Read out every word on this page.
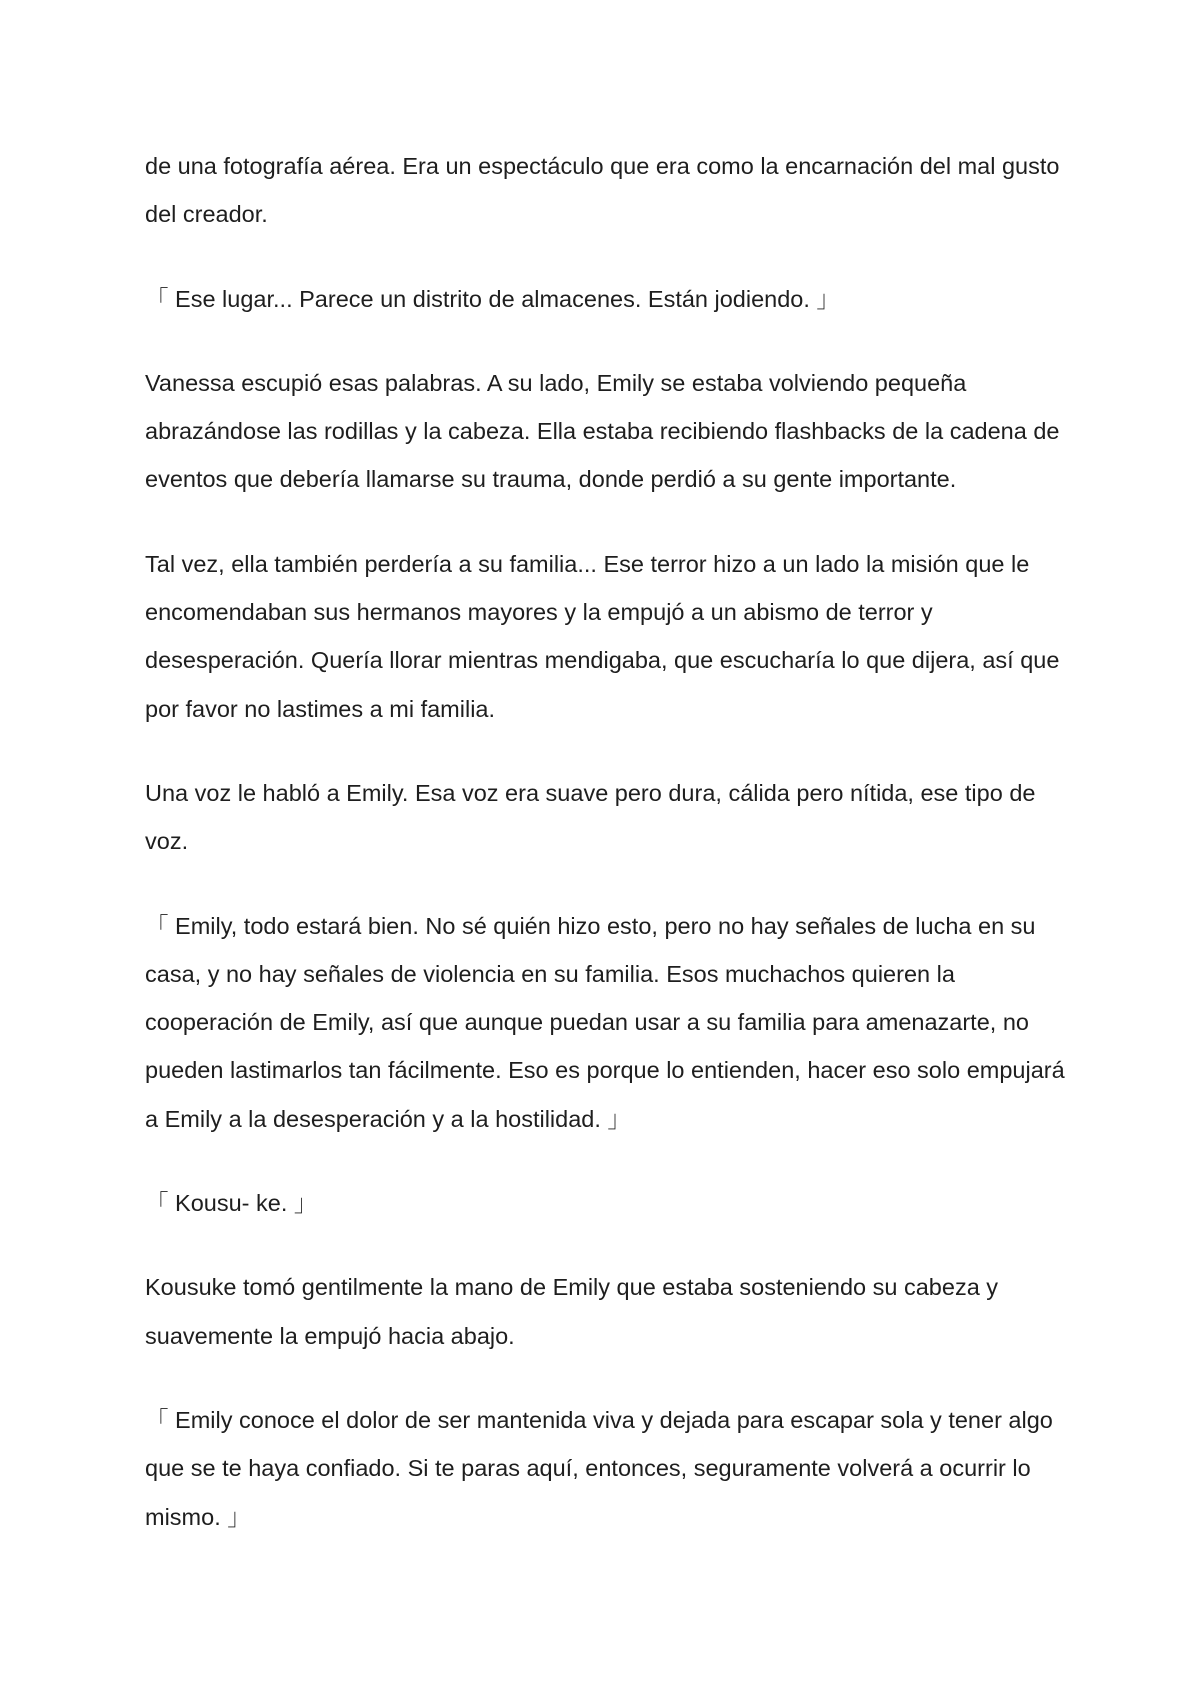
de una fotografía aérea. Era un espectáculo que era como la encarnación del mal gusto del creador.

「 Ese lugar... Parece un distrito de almacenes. Están jodiendo. 」

Vanessa escupió esas palabras. A su lado, Emily se estaba volviendo pequeña abrazándose las rodillas y la cabeza. Ella estaba recibiendo flashbacks de la cadena de eventos que debería llamarse su trauma, donde perdió a su gente importante.

Tal vez, ella también perdería a su familia... Ese terror hizo a un lado la misión que le encomendaban sus hermanos mayores y la empujó a un abismo de terror y desesperación. Quería llorar mientras mendigaba, que escucharía lo que dijera, así que por favor no lastimes a mi familia.

Una voz le habló a Emily. Esa voz era suave pero dura, cálida pero nítida, ese tipo de voz.

「 Emily, todo estará bien. No sé quién hizo esto, pero no hay señales de lucha en su casa, y no hay señales de violencia en su familia. Esos muchachos quieren la cooperación de Emily, así que aunque puedan usar a su familia para amenazarte, no pueden lastimarlos tan fácilmente. Eso es porque lo entienden, hacer eso solo empujará a Emily a la desesperación y a la hostilidad. 」

「 Kousu- ke. 」

Kousuke tomó gentilmente la mano de Emily que estaba sosteniendo su cabeza y suavemente la empujó hacia abajo.

「 Emily conoce el dolor de ser mantenida viva y dejada para escapar sola y tener algo que se te haya confiado. Si te paras aquí, entonces, seguramente volverá a ocurrir lo mismo. 」
